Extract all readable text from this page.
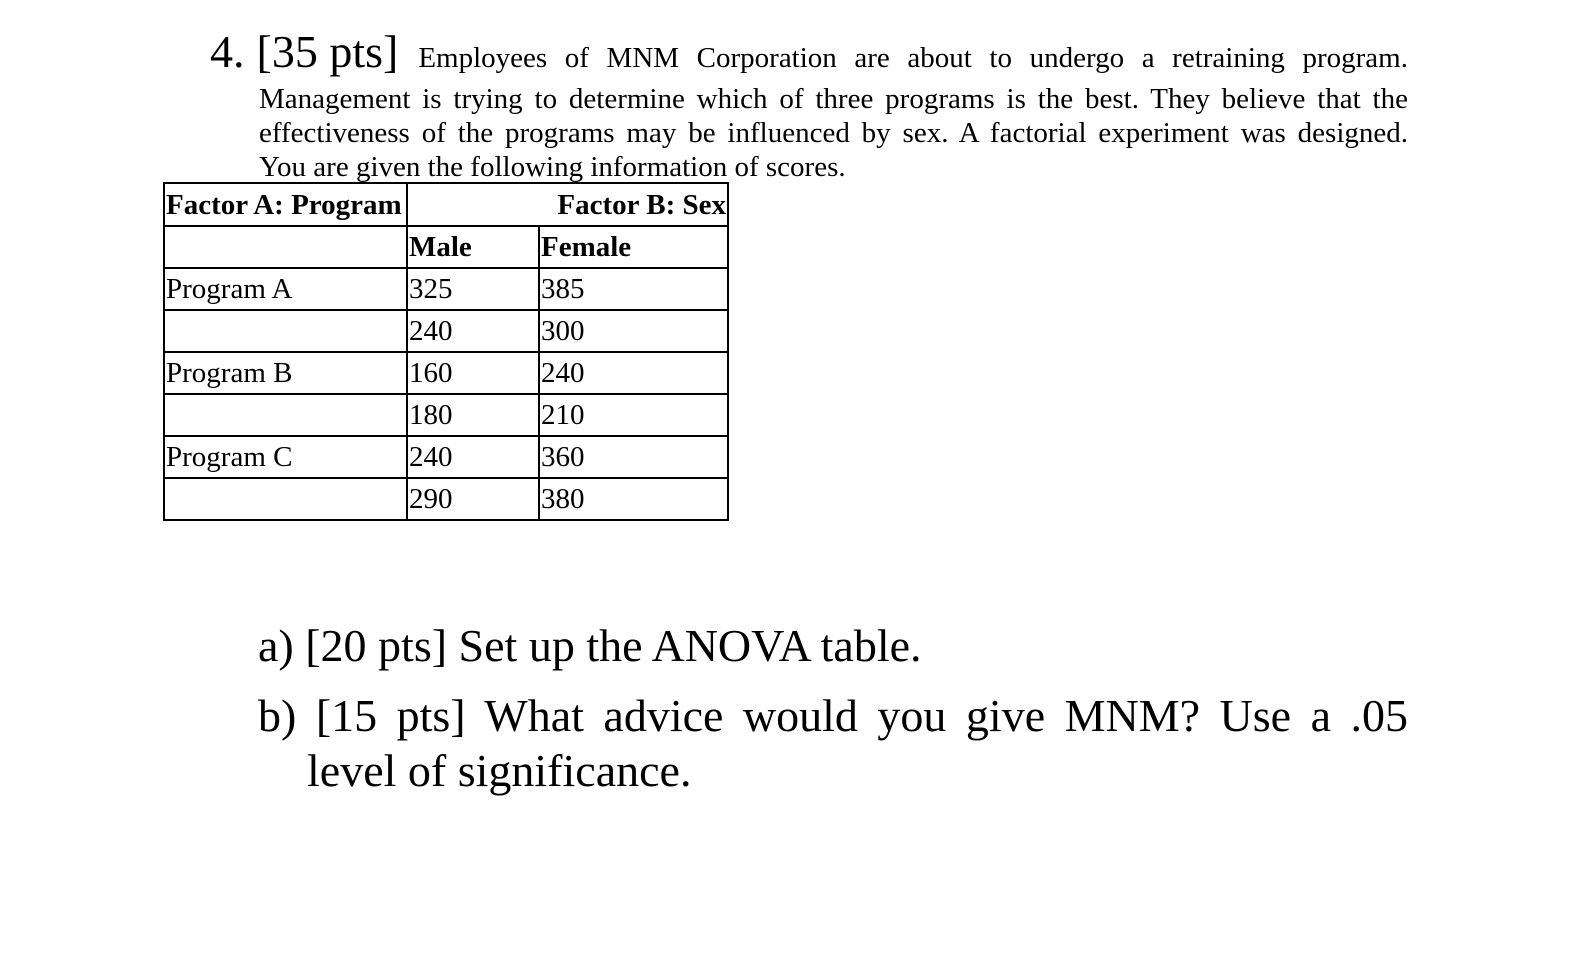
4. [35 pts] Employees of MNM Corporation are about to undergo a retraining program.
Management is trying to determine which of three programs is the best. They believe that the
effectiveness of the programs may be influenced by sex. A factorial experiment was designed.
You are given the following information of scores.
Factor A: Program	Factor B: Sex	
	Male	Female
Program A	325	385
	240	300
Program B	160	240
	180	210
Program C	240	360
	290	380
a) [20 pts] Set up the ANOVA table.
b) [15 pts] What advice would you give MNM? Use a .05
level of significance.
